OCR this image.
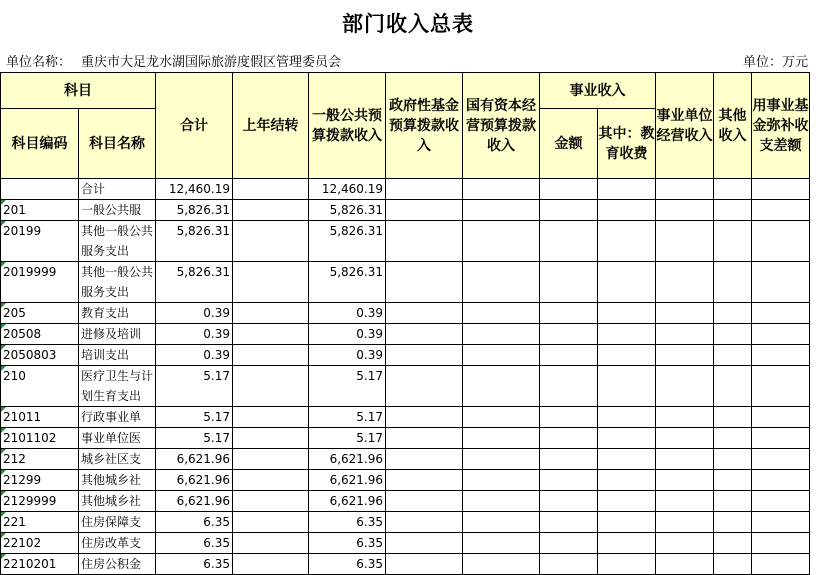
部门收入总表
单位名称： 重庆市大足龙水湖国际旅游度假区管理委员会	单位：万元
科目		合计	上年结转	一般公共预算拨款收入	政府性基金预算拨款收入	国有资本经营预算拨款收入	事业收入		事业单位经营收入	其他收入	用事业基金弥补收支差额
科目编码	科目名称						金额	其中：教育收费			
	合计	12,460.19		12,460.19							
201	一般公共服	5,826.31		5,826.31							
20199	其他一般公共服务支出	5,826.31		5,826.31							
2019999	其他一般公共服务支出	5,826.31		5,826.31							
205	教育支出	0.39		0.39							
20508	进修及培训	0.39		0.39							
2050803	培训支出	0.39		0.39							
210	医疗卫生与计划生育支出	5.17		5.17							
21011	行政事业单	5.17		5.17							
2101102	事业单位医	5.17		5.17							
212	城乡社区支	6,621.96		6,621.96							
21299	其他城乡社	6,621.96		6,621.96							
2129999	其他城乡社	6,621.96		6,621.96							
221	住房保障支	6.35		6.35							
22102	住房改革支	6.35		6.35							
2210201	住房公积金	6.35		6.35							
